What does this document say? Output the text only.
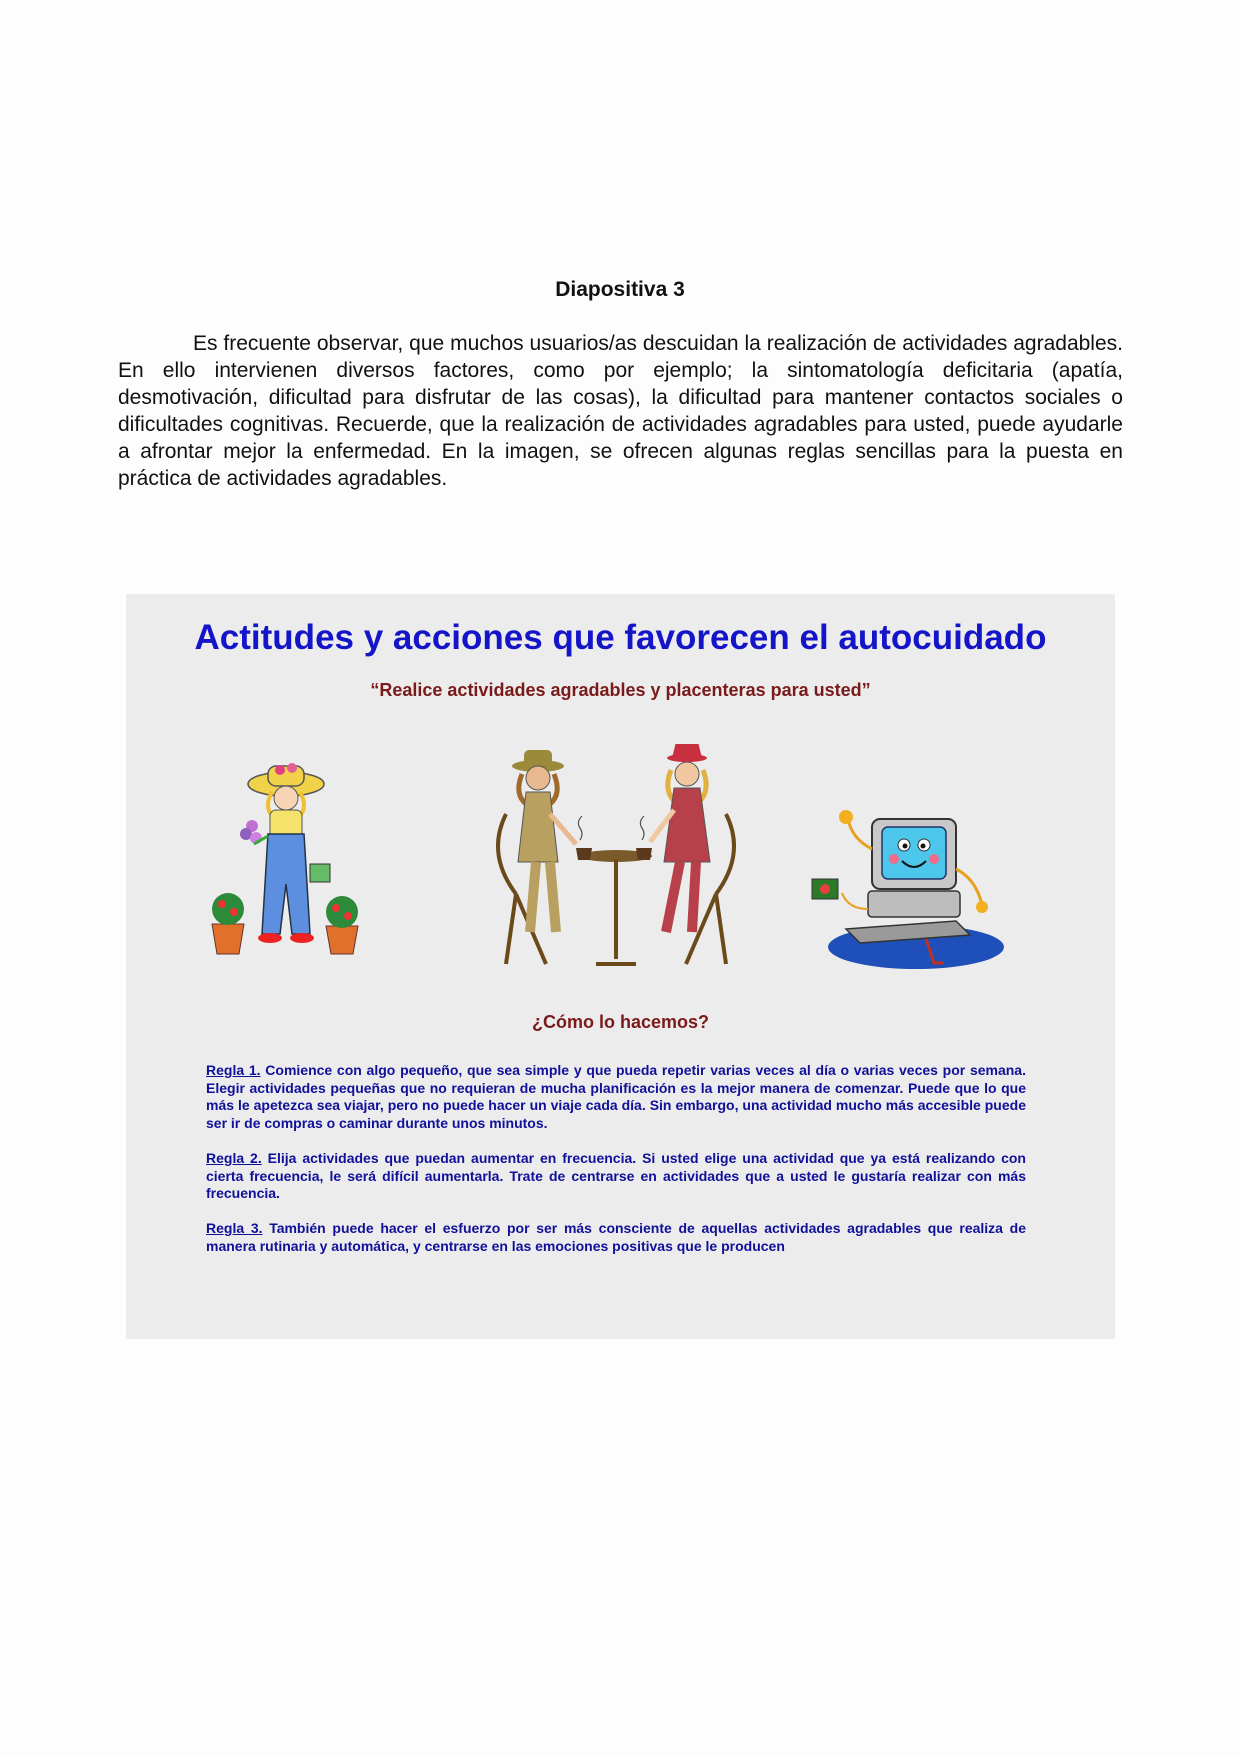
Diapositiva 3

Es frecuente observar, que muchos usuarios/as descuidan la realización de actividades agradables. En ello intervienen diversos factores, como por ejemplo; la sintomatología deficitaria (apatía, desmotivación, dificultad para disfrutar de las cosas), la dificultad para mantener contactos sociales o dificultades cognitivas. Recuerde, que la realización de actividades agradables para usted, puede ayudarle a afrontar mejor la enfermedad. En la imagen, se ofrecen algunas reglas sencillas para la puesta en práctica de actividades agradables.

Actitudes y acciones que favorecen el autocuidado
“Realice actividades agradables y placenteras para usted”
¿Cómo lo hacemos?

Regla 1. Comience con algo pequeño, que sea simple y que pueda repetir varias veces al día o varias veces por semana. Elegir actividades pequeñas que no requieran de mucha planificación es la mejor manera de comenzar. Puede que lo que más le apetezca sea viajar, pero no puede hacer un viaje cada día. Sin embargo, una actividad mucho más accesible puede ser ir de compras o caminar durante unos minutos.

Regla 2. Elija actividades que puedan aumentar en frecuencia. Si usted elige una actividad que ya está realizando con cierta frecuencia, le será difícil aumentarla. Trate de centrarse en actividades que a usted le gustaría realizar con más frecuencia.

Regla 3. También puede hacer el esfuerzo por ser más consciente de aquellas actividades agradables que realiza de manera rutinaria y automática, y centrarse en las emociones positivas que le producen
